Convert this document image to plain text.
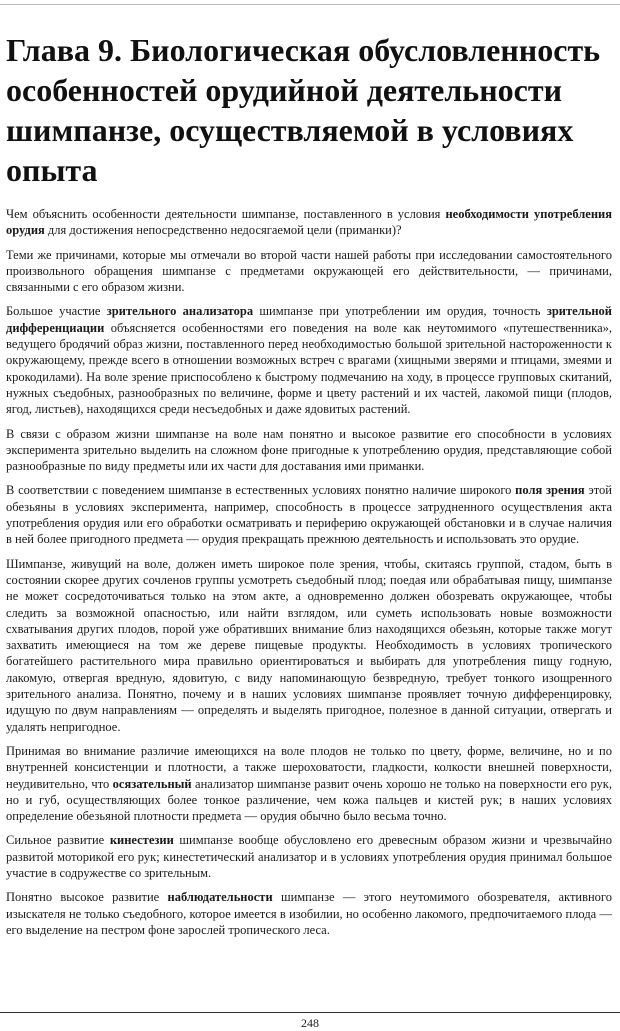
Глава 9. Биологическая обусловленность особенностей орудийной деятельности шимпанзе, осуществляемой в условиях опыта

Чем объяснить особенности деятельности шимпанзе, поставленного в условия необходимости употребления орудия для достижения непосредственно недосягаемой цели (приманки)?

Теми же причинами, которые мы отмечали во второй части нашей работы при исследовании самостоятельного произвольного обращения шимпанзе с предметами окружающей его действительности, — причинами, связанными с его образом жизни.

Большое участие зрительного анализатора шимпанзе при употреблении им орудия, точность зрительной дифференциации объясняется особенностями его поведения на воле как неутомимого «путешественника», ведущего бродячий образ жизни, поставленного перед необходимостью большой зрительной настороженности к окружающему, прежде всего в отношении возможных встреч с врагами (хищными зверями и птицами, змеями и крокодилами). На воле зрение приспособлено к быстрому подмечанию на ходу, в процессе групповых скитаний, нужных съедобных, разнообразных по величине, форме и цвету растений и их частей, лакомой пищи (плодов, ягод, листьев), находящихся среди несъедобных и даже ядовитых растений.

В связи с образом жизни шимпанзе на воле нам понятно и высокое развитие его способности в условиях эксперимента зрительно выделить на сложном фоне пригодные к употреблению орудия, представляющие собой разнообразные по виду предметы или их части для доставания ими приманки.

В соответствии с поведением шимпанзе в естественных условиях понятно наличие широкого поля зрения этой обезьяны в условиях эксперимента, например, способность в процессе затрудненного осуществления акта употребления орудия или его обработки осматривать и периферию окружающей обстановки и в случае наличия в ней более пригодного предмета — орудия прекращать прежнюю деятельность и использовать это орудие.

Шимпанзе, живущий на воле, должен иметь широкое поле зрения, чтобы, скитаясь группой, стадом, быть в состоянии скорее других сочленов группы усмотреть съедобный плод; поедая или обрабатывая пищу, шимпанзе не может сосредоточиваться только на этом акте, а одновременно должен обозревать окружающее, чтобы следить за возможной опасностью, или найти взглядом, или суметь использовать новые возможности схватывания других плодов, порой уже обративших внимание близ находящихся обезьян, которые также могут захватить имеющиеся на том же дереве пищевые продукты. Необходимость в условиях тропического богатейшего растительного мира правильно ориентироваться и выбирать для употребления пищу годную, лакомую, отвергая вредную, ядовитую, с виду напоминающую безвредную, требует тонкого изощренного зрительного анализа. Понятно, почему и в наших условиях шимпанзе проявляет точную дифференцировку, идущую по двум направлениям — определять и выделять пригодное, полезное в данной ситуации, отвергать и удалять непригодное.

Принимая во внимание различие имеющихся на воле плодов не только по цвету, форме, величине, но и по внутренней консистенции и плотности, а также шероховатости, гладкости, колкости внешней поверхности, неудивительно, что осязательный анализатор шимпанзе развит очень хорошо не только на поверхности его рук, но и губ, осуществляющих более тонкое различение, чем кожа пальцев и кистей рук; в наших условиях определение обезьяной плотности предмета — орудия обычно было весьма точно.

Сильное развитие кинестезии шимпанзе вообще обусловлено его древесным образом жизни и чрезвычайно развитой моторикой его рук; кинестетический анализатор и в условиях употребления орудия принимал большое участие в содружестве со зрительным.

Понятно высокое развитие наблюдательности шимпанзе — этого неутомимого обозревателя, активного изыскателя не только съедобного, которое имеется в изобилии, но особенно лакомого, предпочитаемого плода — его выделение на пестром фоне зарослей тропического леса.

248
